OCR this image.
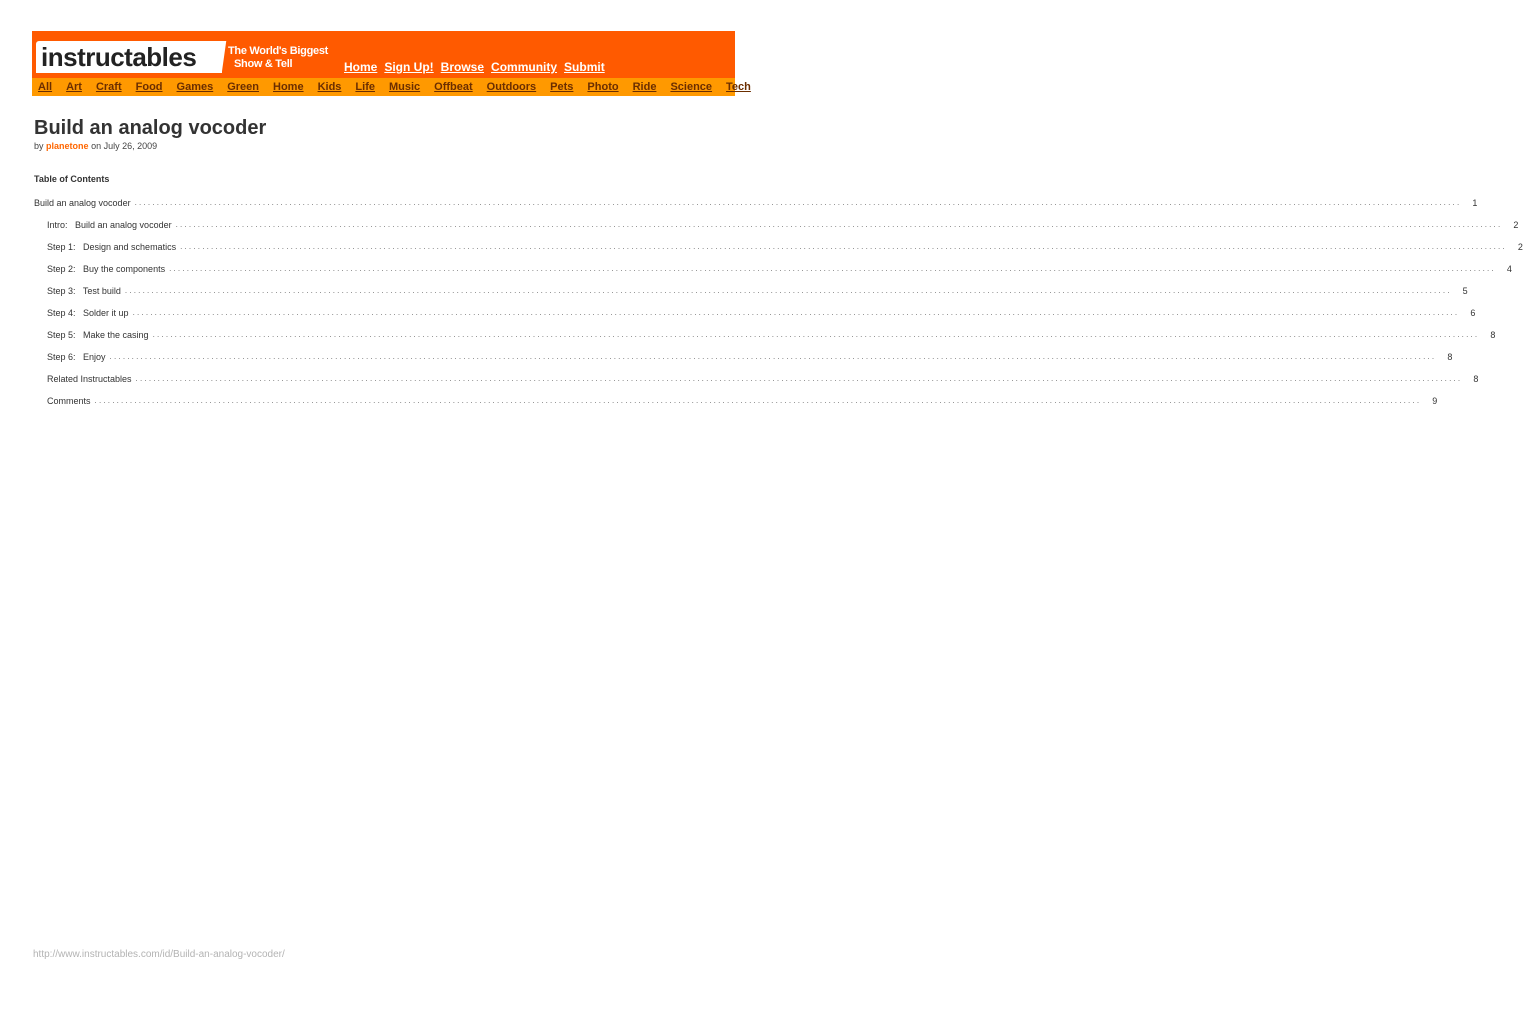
instructables	The World's Biggest
Show & Tell	Home Sign Up! Browse Community Submit
All Art Craft Food Games Green Home Kids Life Music Offbeat Outdoors Pets Photo Ride Science Tech
Build an analog vocoder
by planetone on July 26, 2009
Table of Contents
Build an analog vocoder ............................................................................................................................................................................................................................................................................................................	1
Intro:   Build an analog vocoder ............................................................................................................................................................................................................................................................................................................	2
Step 1:   Design and schematics ............................................................................................................................................................................................................................................................................................................	2
Step 2:   Buy the components ............................................................................................................................................................................................................................................................................................................	4
Step 3:   Test build ............................................................................................................................................................................................................................................................................................................	5
Step 4:   Solder it up ............................................................................................................................................................................................................................................................................................................	6
Step 5:   Make the casing ............................................................................................................................................................................................................................................................................................................	8
Step 6:   Enjoy ............................................................................................................................................................................................................................................................................................................	8
Related Instructables ............................................................................................................................................................................................................................................................................................................	8
Comments ............................................................................................................................................................................................................................................................................................................	9
http://www.instructables.com/id/Build-an-analog-vocoder/
